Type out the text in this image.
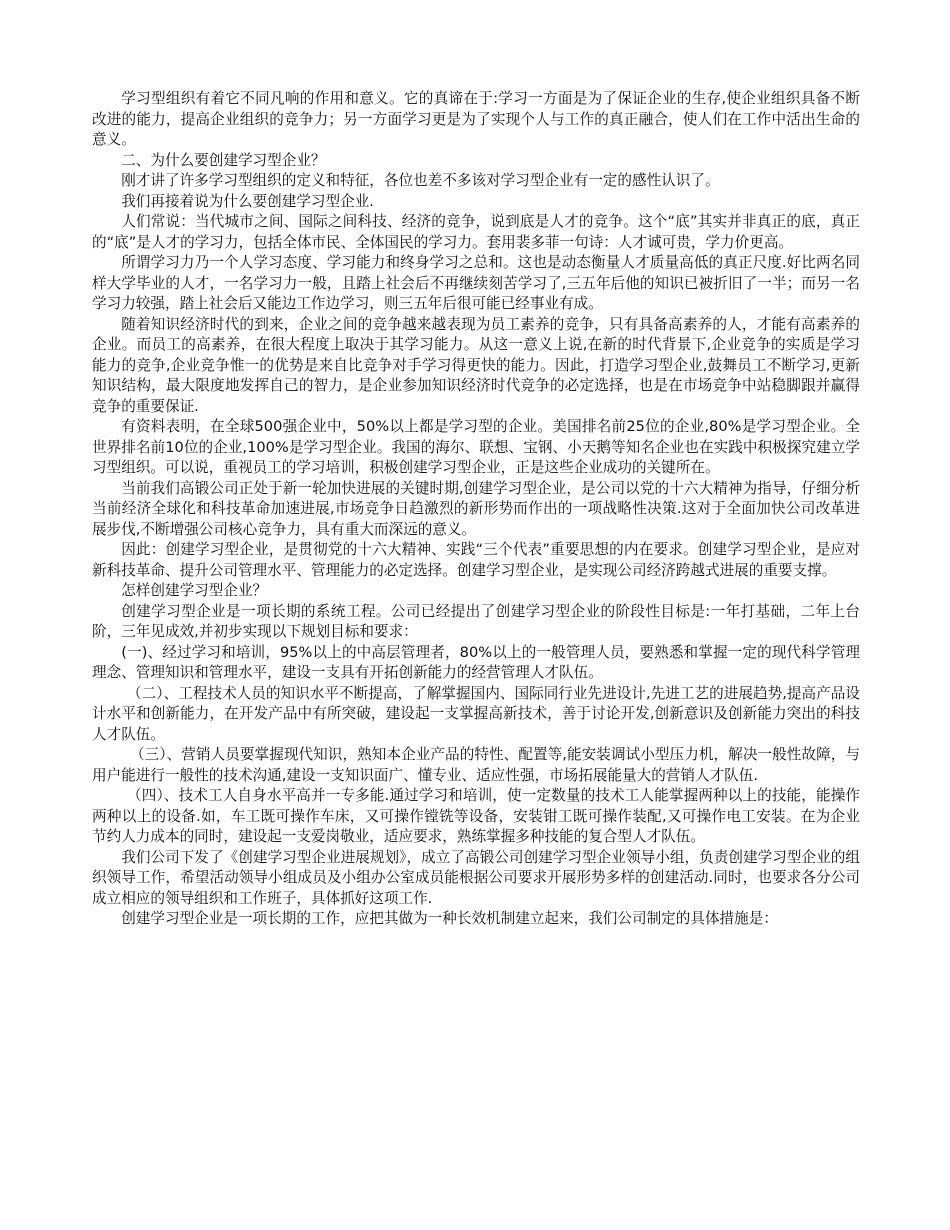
学习型组织有着它不同凡响的作用和意义。它的真谛在于:学习一方面是为了保证企业的生存,使企业组织具备不断改进的能力，提高企业组织的竞争力；另一方面学习更是为了实现个人与工作的真正融合，使人们在工作中活出生命的意义。

二、为什么要创建学习型企业？

刚才讲了许多学习型组织的定义和特征，各位也差不多该对学习型企业有一定的感性认识了。

我们再接着说为什么要创建学习型企业.

人们常说：当代城市之间、国际之间科技、经济的竞争，说到底是人才的竞争。这个“底”其实并非真正的底，真正的“底”是人才的学习力，包括全体市民、全体国民的学习力。套用裴多菲一句诗：人才诚可贵，学力价更高。

所谓学习力乃一个人学习态度、学习能力和终身学习之总和。这也是动态衡量人才质量高低的真正尺度.好比两名同样大学毕业的人才，一名学习力一般，且踏上社会后不再继续刻苦学习了,三五年后他的知识已被折旧了一半；而另一名学习力较强，踏上社会后又能边工作边学习，则三五年后很可能已经事业有成。

随着知识经济时代的到来，企业之间的竞争越来越表现为员工素养的竞争，只有具备高素养的人，才能有高素养的企业。而员工的高素养，在很大程度上取决于其学习能力。从这一意义上说,在新的时代背景下,企业竞争的实质是学习能力的竞争,企业竞争惟一的优势是来自比竞争对手学习得更快的能力。因此，打造学习型企业,鼓舞员工不断学习,更新知识结构，最大限度地发挥自己的智力，是企业参加知识经济时代竞争的必定选择，也是在市场竞争中站稳脚跟并赢得竞争的重要保证.

有资料表明，在全球500强企业中，50%以上都是学习型的企业。美国排名前25位的企业,80%是学习型企业。全世界排名前10位的企业,100%是学习型企业。我国的海尔、联想、宝钢、小天鹅等知名企业也在实践中积极探究建立学习型组织。可以说，重视员工的学习培训，积极创建学习型企业，正是这些企业成功的关键所在。

当前我们高锻公司正处于新一轮加快进展的关键时期,创建学习型企业，是公司以党的十六大精神为指导，仔细分析当前经济全球化和科技革命加速进展,市场竞争日趋激烈的新形势而作出的一项战略性决策.这对于全面加快公司改革进展步伐,不断增强公司核心竞争力，具有重大而深远的意义。

因此：创建学习型企业，是贯彻党的十六大精神、实践“三个代表”重要思想的内在要求。创建学习型企业，是应对新科技革命、提升公司管理水平、管理能力的必定选择。创建学习型企业，是实现公司经济跨越式进展的重要支撑。

怎样创建学习型企业？

创建学习型企业是一项长期的系统工程。公司已经提出了创建学习型企业的阶段性目标是:一年打基础，二年上台阶，三年见成效,并初步实现以下规划目标和要求：

(一)、经过学习和培训，95%以上的中高层管理者，80%以上的一般管理人员，要熟悉和掌握一定的现代科学管理理念、管理知识和管理水平，建设一支具有开拓创新能力的经营管理人才队伍。

（二）、工程技术人员的知识水平不断提高，了解掌握国内、国际同行业先进设计,先进工艺的进展趋势,提高产品设计水平和创新能力，在开发产品中有所突破，建设起一支掌握高新技术，善于讨论开发,创新意识及创新能力突出的科技人才队伍。

（三）、营销人员要掌握现代知识，熟知本企业产品的特性、配置等,能安装调试小型压力机，解决一般性故障，与用户能进行一般性的技术沟通,建设一支知识面广、懂专业、适应性强，市场拓展能量大的营销人才队伍.

（四）、技术工人自身水平高并一专多能.通过学习和培训，使一定数量的技术工人能掌握两种以上的技能，能操作两种以上的设备.如，车工既可操作车床，又可操作镗铣等设备，安装钳工既可操作装配,又可操作电工安装。在为企业节约人力成本的同时，建设起一支爱岗敬业，适应要求，熟练掌握多种技能的复合型人才队伍。

我们公司下发了《创建学习型企业进展规划》，成立了高锻公司创建学习型企业领导小组，负责创建学习型企业的组织领导工作，希望活动领导小组成员及小组办公室成员能根据公司要求开展形势多样的创建活动.同时，也要求各分公司成立相应的领导组织和工作班子，具体抓好这项工作.

创建学习型企业是一项长期的工作，应把其做为一种长效机制建立起来，我们公司制定的具体措施是：
